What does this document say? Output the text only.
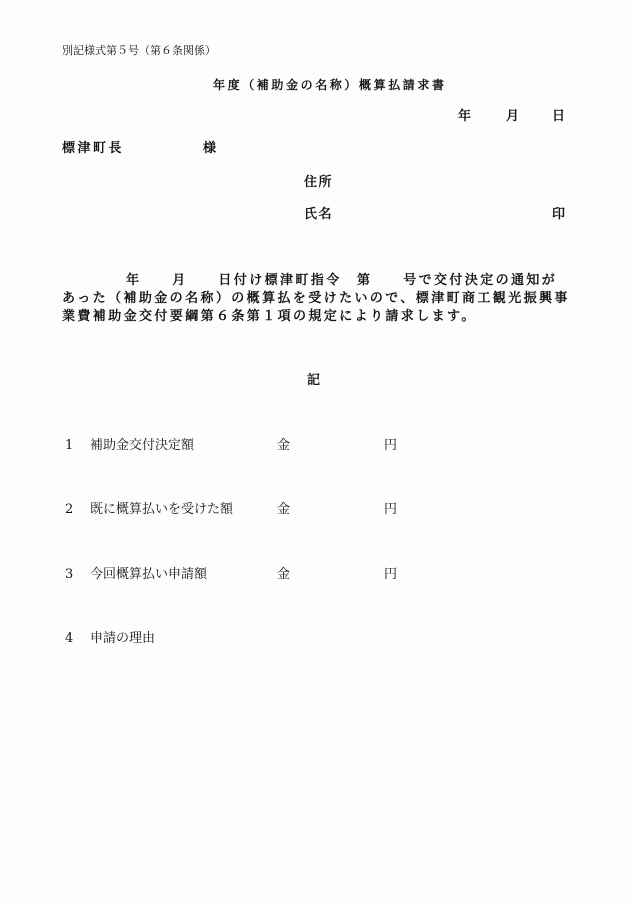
別記様式第５号（第６条関係）
年度（補助金の名称）概算払請求書
年	月	日
標津町長	様
住所
氏名	印
年　　月　　日付け標津町指令　第　　号で交付決定の通知が
あった（補助金の名称）の概算払を受けたいので、標津町商工観光振興事
業費補助金交付要綱第６条第１項の規定により請求します。
記
1 補助金交付決定額	金	円
2 既に概算払いを受けた額	金	円
3 今回概算払い申請額	金	円
4 申請の理由
